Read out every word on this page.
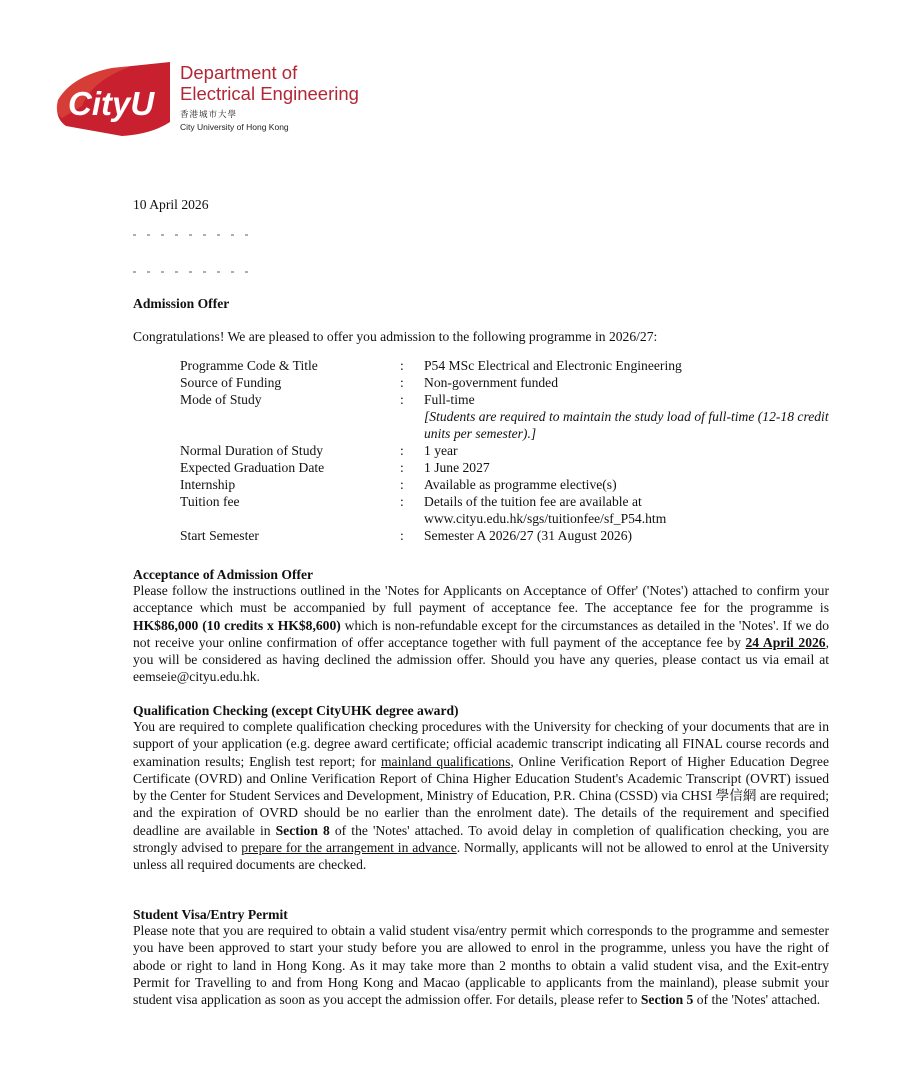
CityU
Department of
Electrical Engineering
香港城市大學
City University of Hong Kong
10 April 2026
Admission Offer
Congratulations! We are pleased to offer you admission to the following programme in 2026/27:
Programme Code & Title	:	P54 MSc Electrical and Electronic Engineering
Source of Funding	:	Non-government funded
Mode of Study	:	Full-time
[Students are required to maintain the study load of full-time (12-18 credit units per semester).]

Normal Duration of Study	:	1 year
Expected Graduation Date	:	1 June 2027
Internship	:	Available as programme elective(s)
Tuition fee	:	Details of the tuition fee are available at
www.cityu.edu.hk/sgs/tuitionfee/sf_P54.htm

Start Semester	:	Semester A 2026/27 (31 August 2026)
Acceptance of Admission Offer
Please follow the instructions outlined in the 'Notes for Applicants on Acceptance of Offer' ('Notes') attached to confirm your acceptance which must be accompanied by full payment of acceptance fee. The acceptance fee for the programme is HK$86,000 (10 credits x HK$8,600) which is non-refundable except for the circumstances as detailed in the 'Notes'. If we do not receive your online confirmation of offer acceptance together with full payment of the acceptance fee by 24 April 2026, you will be considered as having declined the admission offer. Should you have any queries, please contact us via email at eemseie@cityu.edu.hk.
Qualification Checking (except CityUHK degree award)
You are required to complete qualification checking procedures with the University for checking of your documents that are in support of your application (e.g. degree award certificate; official academic transcript indicating all FINAL course records and examination results; English test report; for mainland qualifications, Online Verification Report of Higher Education Degree Certificate (OVRD) and Online Verification Report of China Higher Education Student's Academic Transcript (OVRT) issued by the Center for Student Services and Development, Ministry of Education, P.R. China (CSSD) via CHSI 學信網 are required; and the expiration of OVRD should be no earlier than the enrolment date). The details of the requirement and specified deadline are available in Section 8 of the 'Notes' attached. To avoid delay in completion of qualification checking, you are strongly advised to prepare for the arrangement in advance. Normally, applicants will not be allowed to enrol at the University unless all required documents are checked.
Student Visa/Entry Permit
Please note that you are required to obtain a valid student visa/entry permit which corresponds to the programme and semester you have been approved to start your study before you are allowed to enrol in the programme, unless you have the right of abode or right to land in Hong Kong. As it may take more than 2 months to obtain a valid student visa, and the Exit-entry Permit for Travelling to and from Hong Kong and Macao (applicable to applicants from the mainland), please submit your student visa application as soon as you accept the admission offer. For details, please refer to Section 5 of the 'Notes' attached.
